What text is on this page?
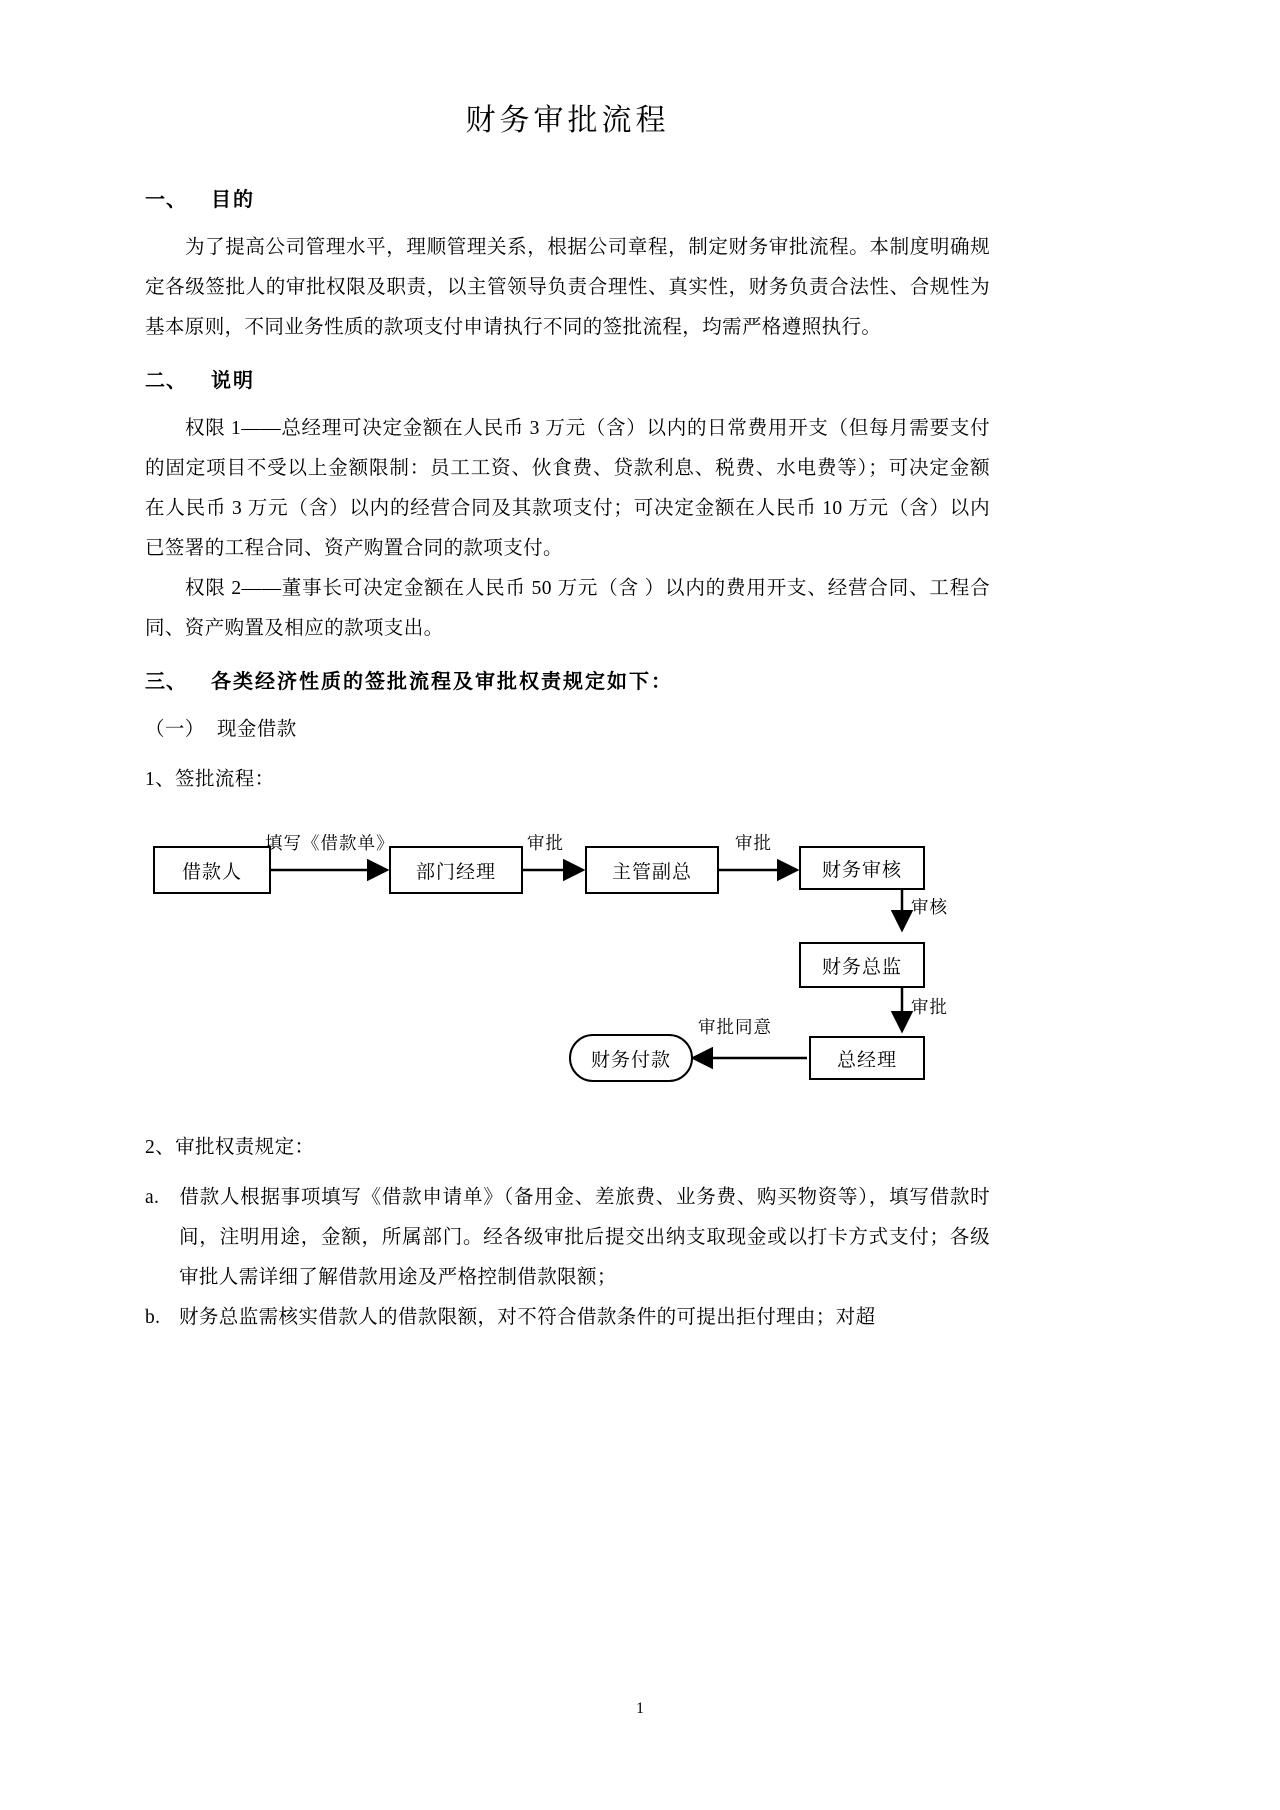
财务审批流程
一、 目的

为了提高公司管理水平，理顺管理关系，根据公司章程，制定财务审批流程。本制度明确规定各级签批人的审批权限及职责，以主管领导负责合理性、真实性，财务负责合法性、合规性为基本原则，不同业务性质的款项支付申请执行不同的签批流程，均需严格遵照执行。

二、 说明

权限 1——总经理可决定金额在人民币 3 万元（含）以内的日常费用开支（但每月需要支付的固定项目不受以上金额限制：员工工资、伙食费、贷款利息、税费、水电费等）；可决定金额在人民币 3 万元（含）以内的经营合同及其款项支付；可决定金额在人民币 10 万元（含）以内已签署的工程合同、资产购置合同的款项支付。

权限 2——董事长可决定金额在人民币 50 万元（含 ）以内的费用开支、经营合同、工程合同、资产购置及相应的款项支出。

三、 各类经济性质的签批流程及审批权责规定如下：
（一） 现金借款
1、签批流程：
借款人	部门经理	主管副总	财务审核
财务总监
总经理
财务付款
填写《借款单》	审批	审批
审核
审批
审批同意
2、审批权责规定：

a. 借款人根据事项填写《借款申请单》（备用金、差旅费、业务费、购买物资等），填写借款时间，注明用途，金额，所属部门。经各级审批后提交出纳支取现金或以打卡方式支付；各级审批人需详细了解借款用途及严格控制借款限额；

b. 财务总监需核实借款人的借款限额，对不符合借款条件的可提出拒付理由；对超

1
